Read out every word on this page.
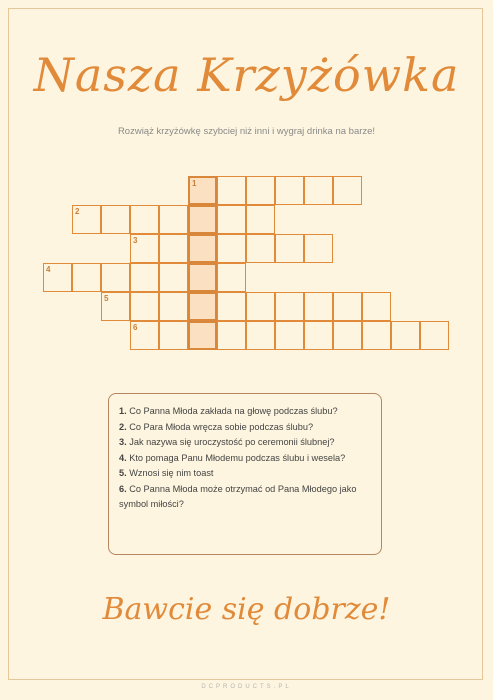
Nasza Krzyżówka
Rozwiąż krzyżówkę szybciej niż inni i wygraj drinka na barze!
1
2
3
4
5
6
1. Co Panna Młoda zakłada na głowę podczas ślubu?
2. Co Para Młoda wręcza sobie podczas ślubu?
3. Jak nazywa się uroczystość po ceremonii ślubnej?
4. Kto pomaga Panu Młodemu podczas ślubu i wesela?
5. Wznosi się nim toast
6. Co Panna Młoda może otrzymać od Pana Młodego jako symbol miłości?
Bawcie się dobrze!
DCPRODUCTS.PL
